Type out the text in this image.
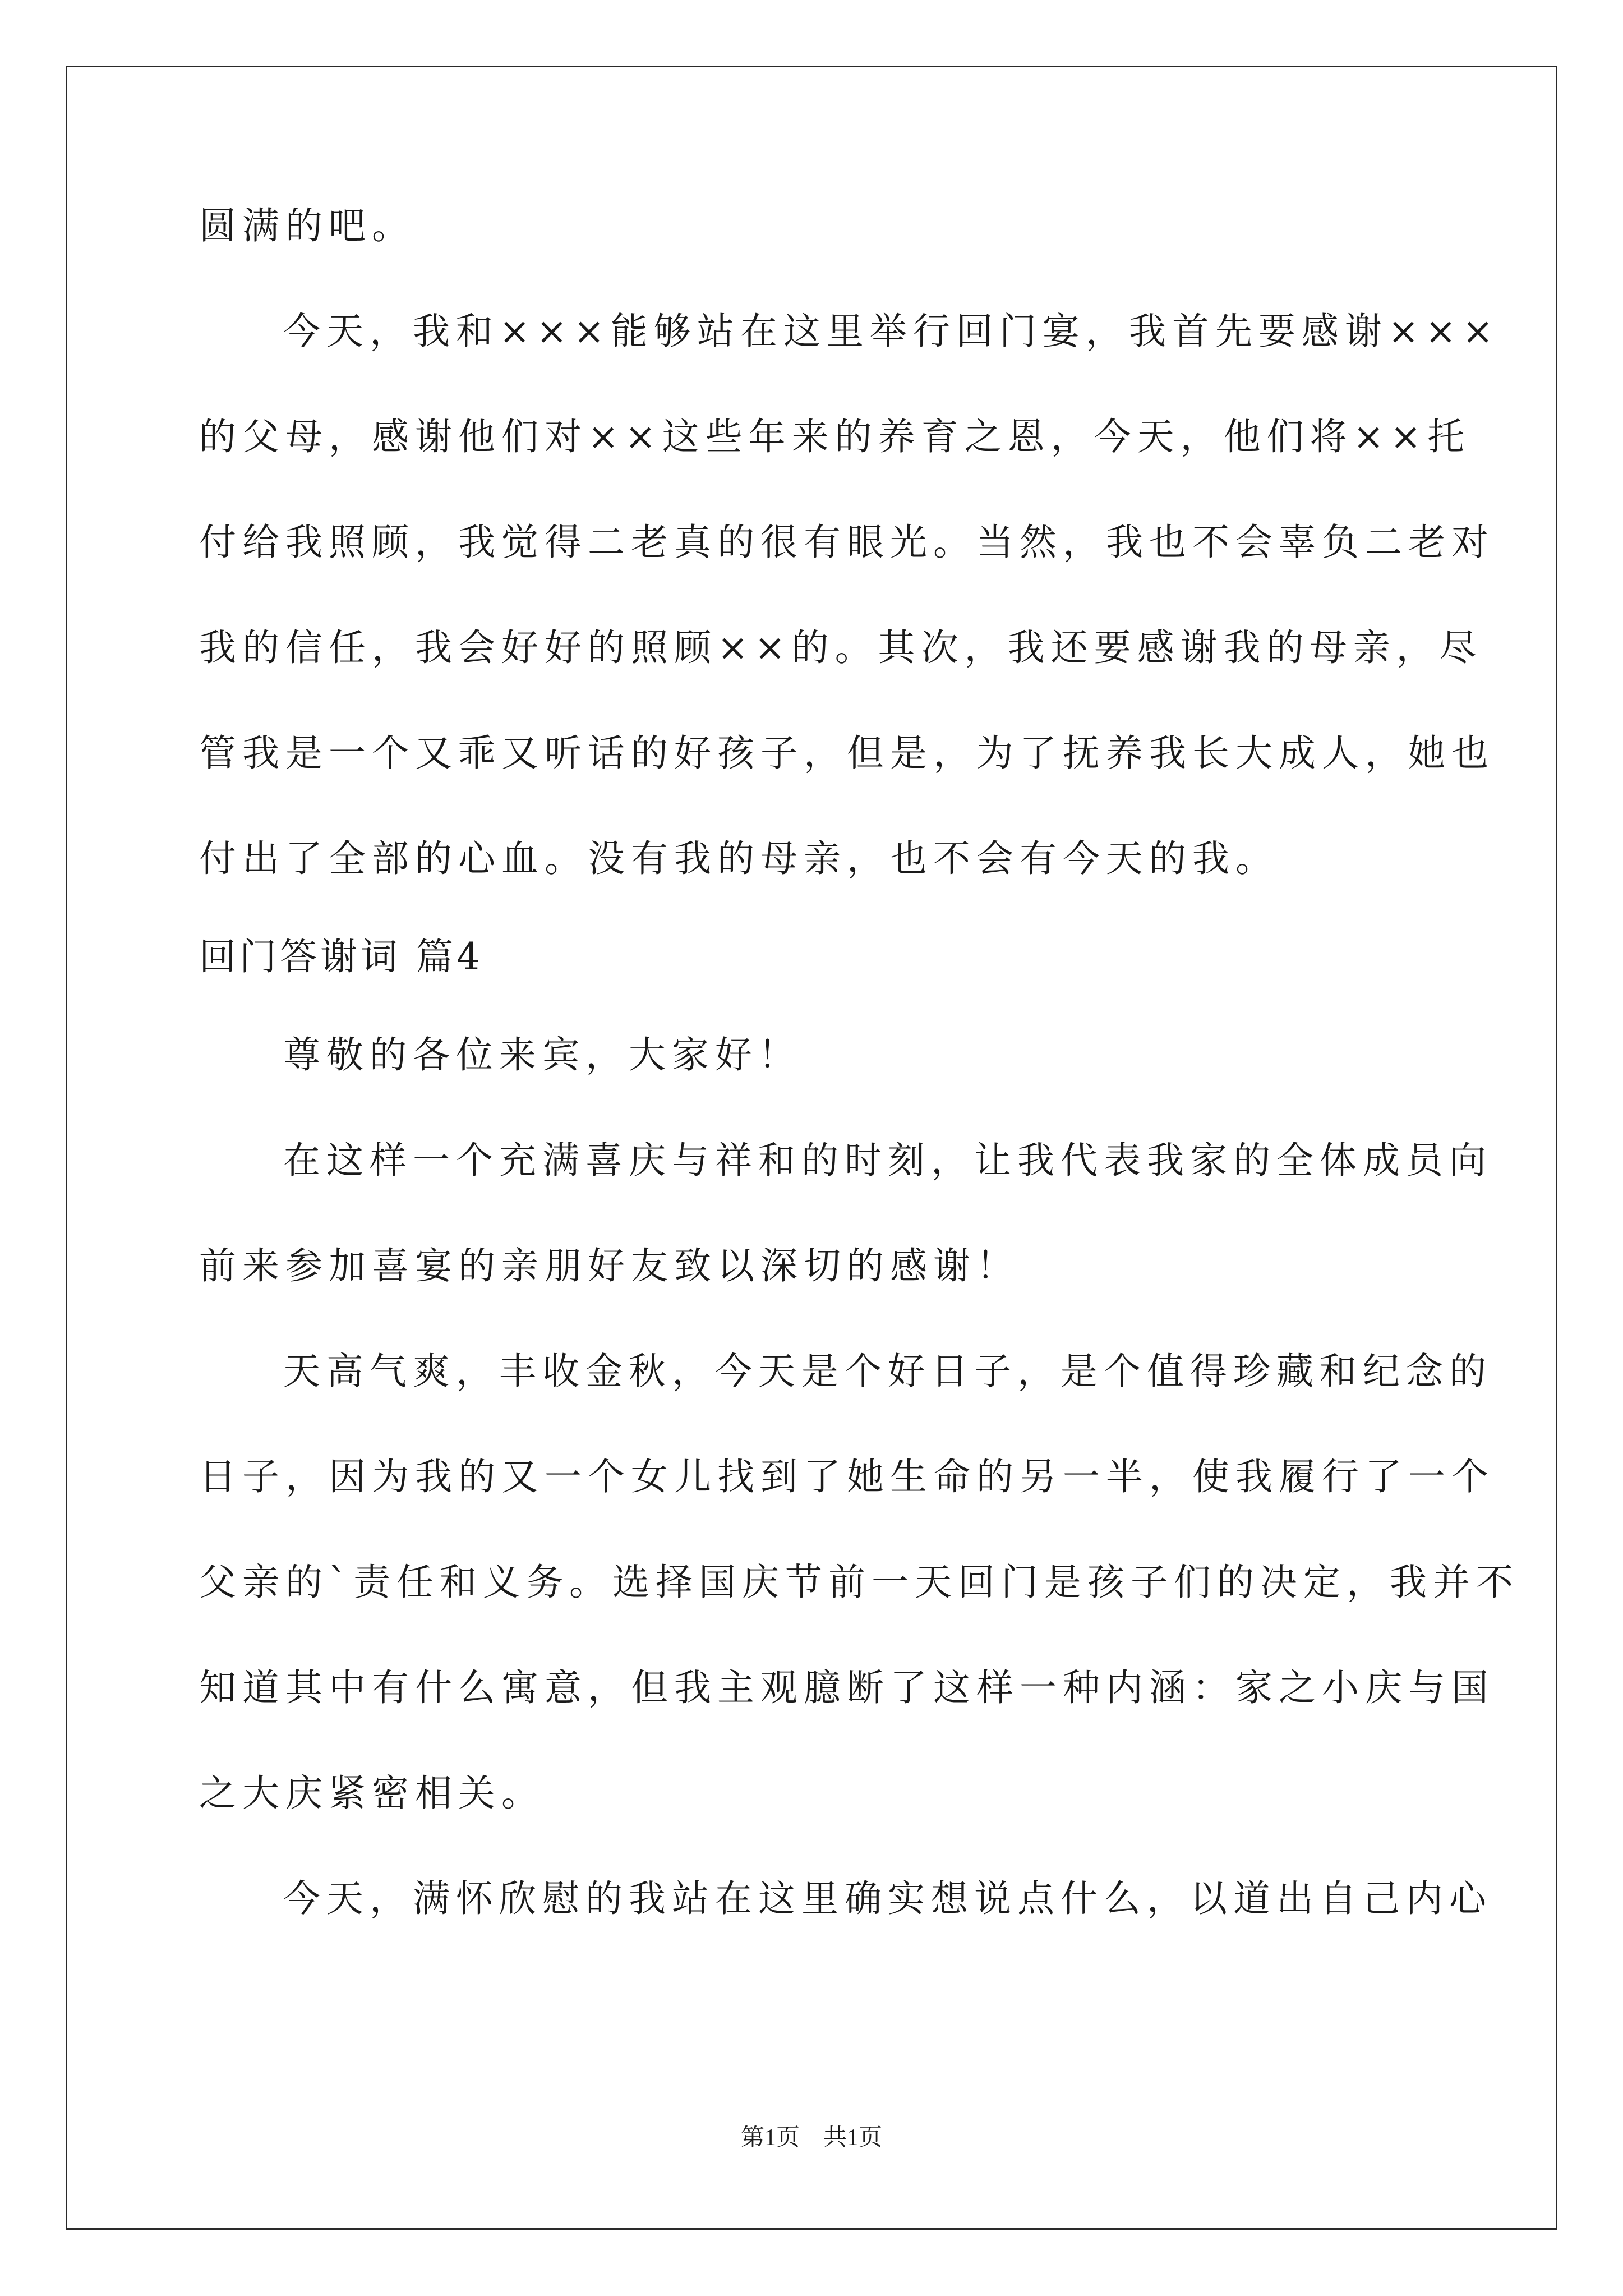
圆满的吧。
今天，我和×××能够站在这里举行回门宴，我首先要感谢×××
的父母，感谢他们对××这些年来的养育之恩，今天，他们将××托
付给我照顾，我觉得二老真的很有眼光。当然，我也不会辜负二老对
我的信任，我会好好的照顾××的。其次，我还要感谢我的母亲，尽
管我是一个又乖又听话的好孩子，但是，为了抚养我长大成人，她也
付出了全部的心血。没有我的母亲，也不会有今天的我。
回门答谢词 篇4
尊敬的各位来宾，大家好！
在这样一个充满喜庆与祥和的时刻，让我代表我家的全体成员向
前来参加喜宴的亲朋好友致以深切的感谢！
天高气爽，丰收金秋，今天是个好日子，是个值得珍藏和纪念的
日子，因为我的又一个女儿找到了她生命的另一半，使我履行了一个
父亲的`责任和义务。选择国庆节前一天回门是孩子们的决定，我并不
知道其中有什么寓意，但我主观臆断了这样一种内涵：家之小庆与国
之大庆紧密相关。
今天，满怀欣慰的我站在这里确实想说点什么，以道出自己内心
第1页　共1页
